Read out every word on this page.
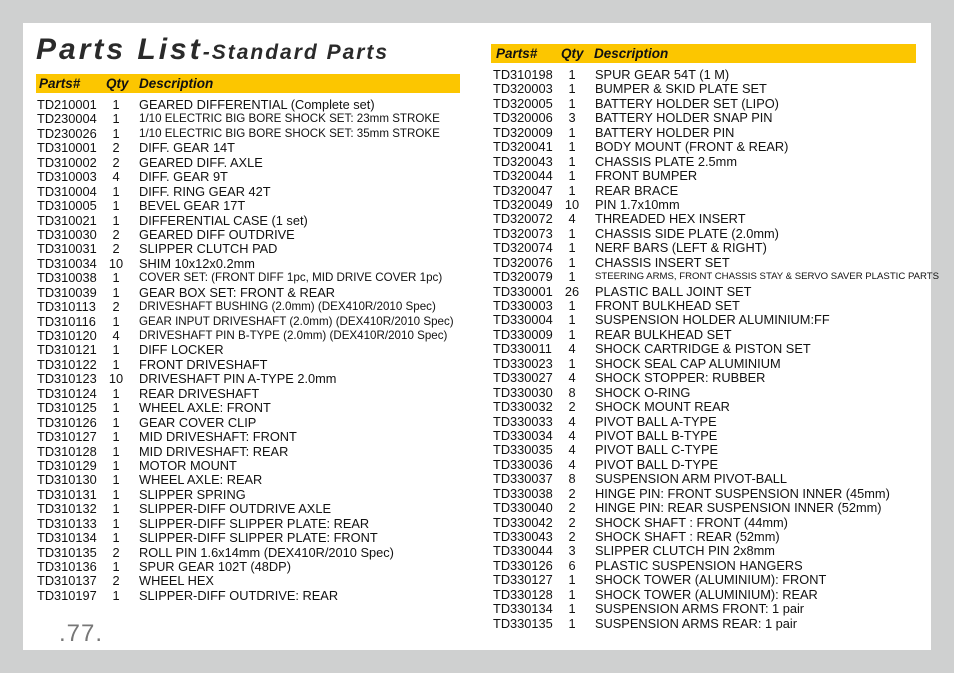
Parts List-Standard Parts
Parts# Qty Description
TD210001	1	GEARED DIFFERENTIAL (Complete set)
TD230004	1	1/10 ELECTRIC BIG BORE SHOCK SET: 23mm STROKE
TD230026	1	1/10 ELECTRIC BIG BORE SHOCK SET: 35mm STROKE
TD310001	2	DIFF. GEAR 14T
TD310002	2	GEARED DIFF. AXLE
TD310003	4	DIFF. GEAR 9T
TD310004	1	DIFF. RING GEAR 42T
TD310005	1	BEVEL GEAR 17T
TD310021	1	DIFFERENTIAL CASE (1 set)
TD310030	2	GEARED DIFF OUTDRIVE
TD310031	2	SLIPPER CLUTCH PAD
TD310034 10 SHIM 10x12x0.2mm
TD310038	1	COVER SET: (FRONT DIFF 1pc, MID DRIVE COVER 1pc)
TD310039	1	GEAR BOX SET: FRONT & REAR
TD310113	2	DRIVESHAFT BUSHING (2.0mm) (DEX410R/2010 Spec)
TD310116	1	GEAR INPUT DRIVESHAFT (2.0mm) (DEX410R/2010 Spec)
TD310120	4	DRIVESHAFT PIN B-TYPE (2.0mm) (DEX410R/2010 Spec)
TD310121	1	DIFF LOCKER
TD310122	1	FRONT DRIVESHAFT
TD310123 10 DRIVESHAFT PIN A-TYPE 2.0mm
TD310124	1	REAR DRIVESHAFT
TD310125	1	WHEEL AXLE: FRONT
TD310126	1	GEAR COVER CLIP
TD310127	1	MID DRIVESHAFT: FRONT
TD310128	1	MID DRIVESHAFT: REAR
TD310129	1	MOTOR MOUNT
TD310130	1	WHEEL AXLE: REAR
TD310131	1	SLIPPER SPRING
TD310132	1	SLIPPER-DIFF OUTDRIVE AXLE
TD310133	1	SLIPPER-DIFF SLIPPER PLATE: REAR
TD310134	1	SLIPPER-DIFF SLIPPER PLATE: FRONT
TD310135	2	ROLL PIN 1.6x14mm (DEX410R/2010 Spec)
TD310136	1	SPUR GEAR 102T (48DP)
TD310137	2	WHEEL HEX
TD310197	1	SLIPPER-DIFF OUTDRIVE: REAR
Parts# Qty Description
TD310198	1	SPUR GEAR 54T (1 M)
TD320003	1	BUMPER & SKID PLATE SET
TD320005	1	BATTERY HOLDER SET (LIPO)
TD320006	3	BATTERY HOLDER SNAP PIN
TD320009	1	BATTERY HOLDER PIN
TD320041	1	BODY MOUNT (FRONT & REAR)
TD320043	1	CHASSIS PLATE 2.5mm
TD320044	1	FRONT BUMPER
TD320047	1	REAR BRACE
TD320049 10 PIN 1.7x10mm
TD320072	4	THREADED HEX INSERT
TD320073	1	CHASSIS SIDE PLATE (2.0mm)
TD320074	1	NERF BARS (LEFT & RIGHT)
TD320076	1	CHASSIS INSERT SET
TD320079	1	STEERING ARMS, FRONT CHASSIS STAY & SERVO SAVER PLASTIC PARTS
TD330001 26 PLASTIC BALL JOINT SET
TD330003	1	FRONT BULKHEAD SET
TD330004	1	SUSPENSION HOLDER ALUMINIUM:FF
TD330009	1	REAR BULKHEAD SET
TD330011	4	SHOCK CARTRIDGE & PISTON SET
TD330023	1	SHOCK SEAL CAP ALUMINIUM
TD330027	4	SHOCK STOPPER: RUBBER
TD330030	8	SHOCK O-RING
TD330032	2	SHOCK MOUNT REAR
TD330033	4	PIVOT BALL A-TYPE
TD330034	4	PIVOT BALL B-TYPE
TD330035	4	PIVOT BALL C-TYPE
TD330036	4	PIVOT BALL D-TYPE
TD330037	8	SUSPENSION ARM PIVOT-BALL
TD330038	2	HINGE PIN: FRONT SUSPENSION INNER (45mm)
TD330040	2	HINGE PIN: REAR SUSPENSION INNER (52mm)
TD330042	2	SHOCK SHAFT : FRONT (44mm)
TD330043	2	SHOCK SHAFT : REAR (52mm)
TD330044	3	SLIPPER CLUTCH PIN 2x8mm
TD330126	6	PLASTIC SUSPENSION HANGERS
TD330127	1	SHOCK TOWER (ALUMINIUM): FRONT
TD330128	1	SHOCK TOWER (ALUMINIUM): REAR
TD330134	1	SUSPENSION ARMS FRONT: 1 pair
TD330135	1	SUSPENSION ARMS REAR: 1 pair
.77.
